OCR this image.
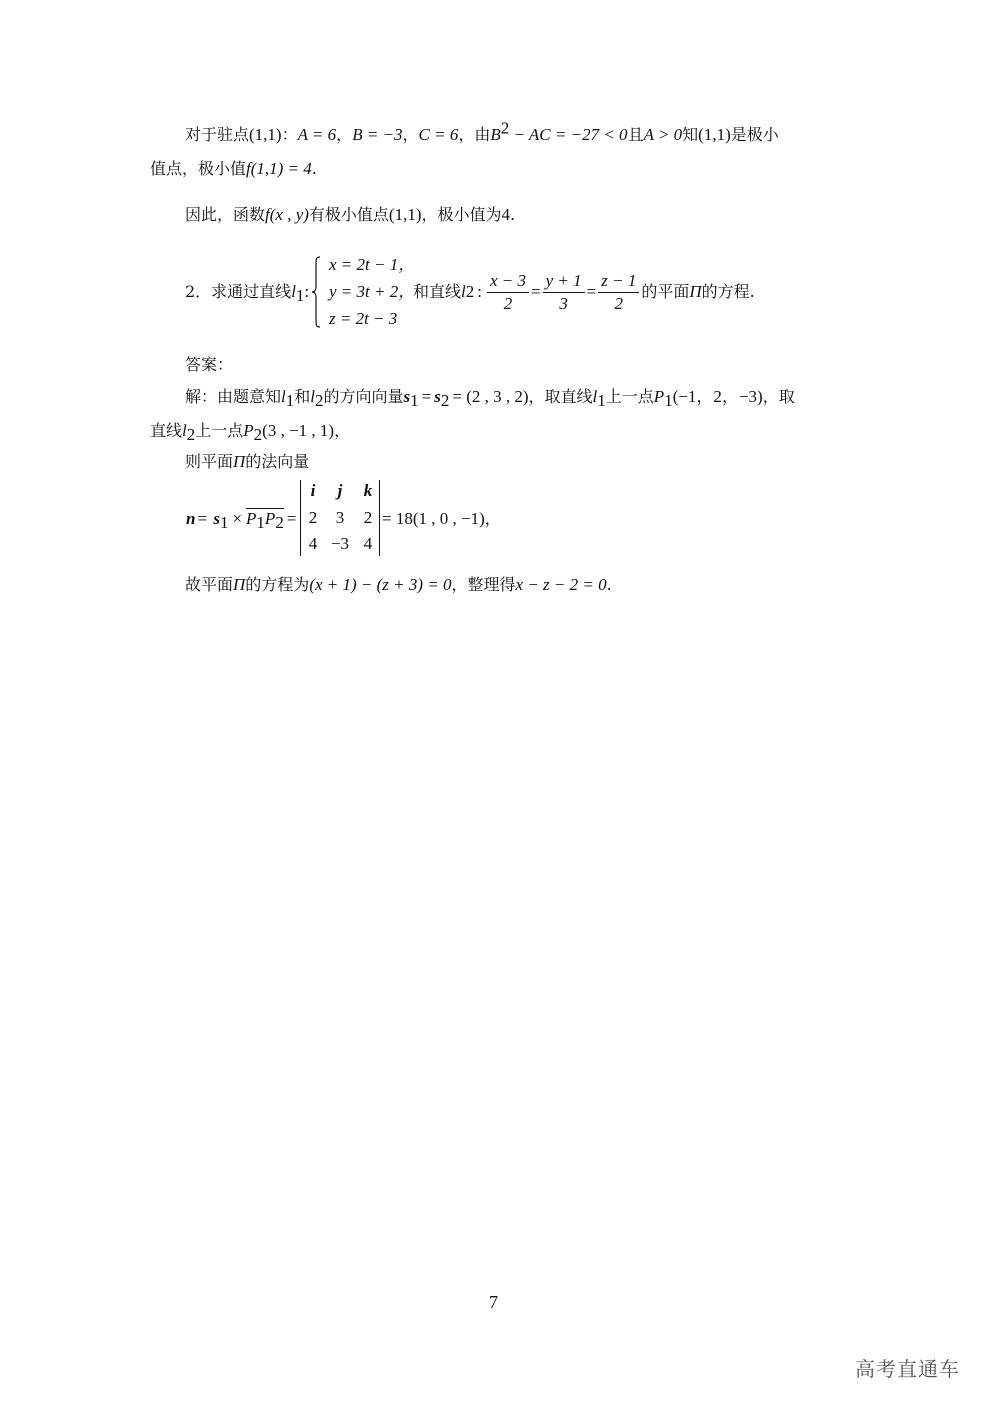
对于驻点(1,1)：A = 6，B = −3，C = 6，由$B^2$ − AC = −27 < 0且A > 0知(1,1)是极小
值点，极小值f(1,1) = 4.
因此，函数f(x , y)有极小值点(1,1)，极小值为4.
2．求通过直线$l_1$:
x = 2t − 1，
y = 3t + 2，
z = 2t − 3
和直线 l 2 : $\frac{x - 3}{2} = \frac{y + 1}{3} = \frac{z - 1}{2}$ 的平面 Π 的方程.
答案：
解：由题意知$l_1$和$l_2$的方向向量$s_1 = s_2 = (2$ , 3 , 2)，取直线$l_1$上一点$P_1(-1$，2，−3)，取
直线$l_2$上一点$P_2(3$ , −1 , 1)，
则平面Π的法向量
$n = s_1 \times P_1P_2$ =
i	j	k
2	3	2
4 −3 4
= 18(1 , 0 , −1)，
故平面Π的方程为(x + 1) − (z + 3) = 0，整理得x − z − 2 = 0.
7
高考直通车
